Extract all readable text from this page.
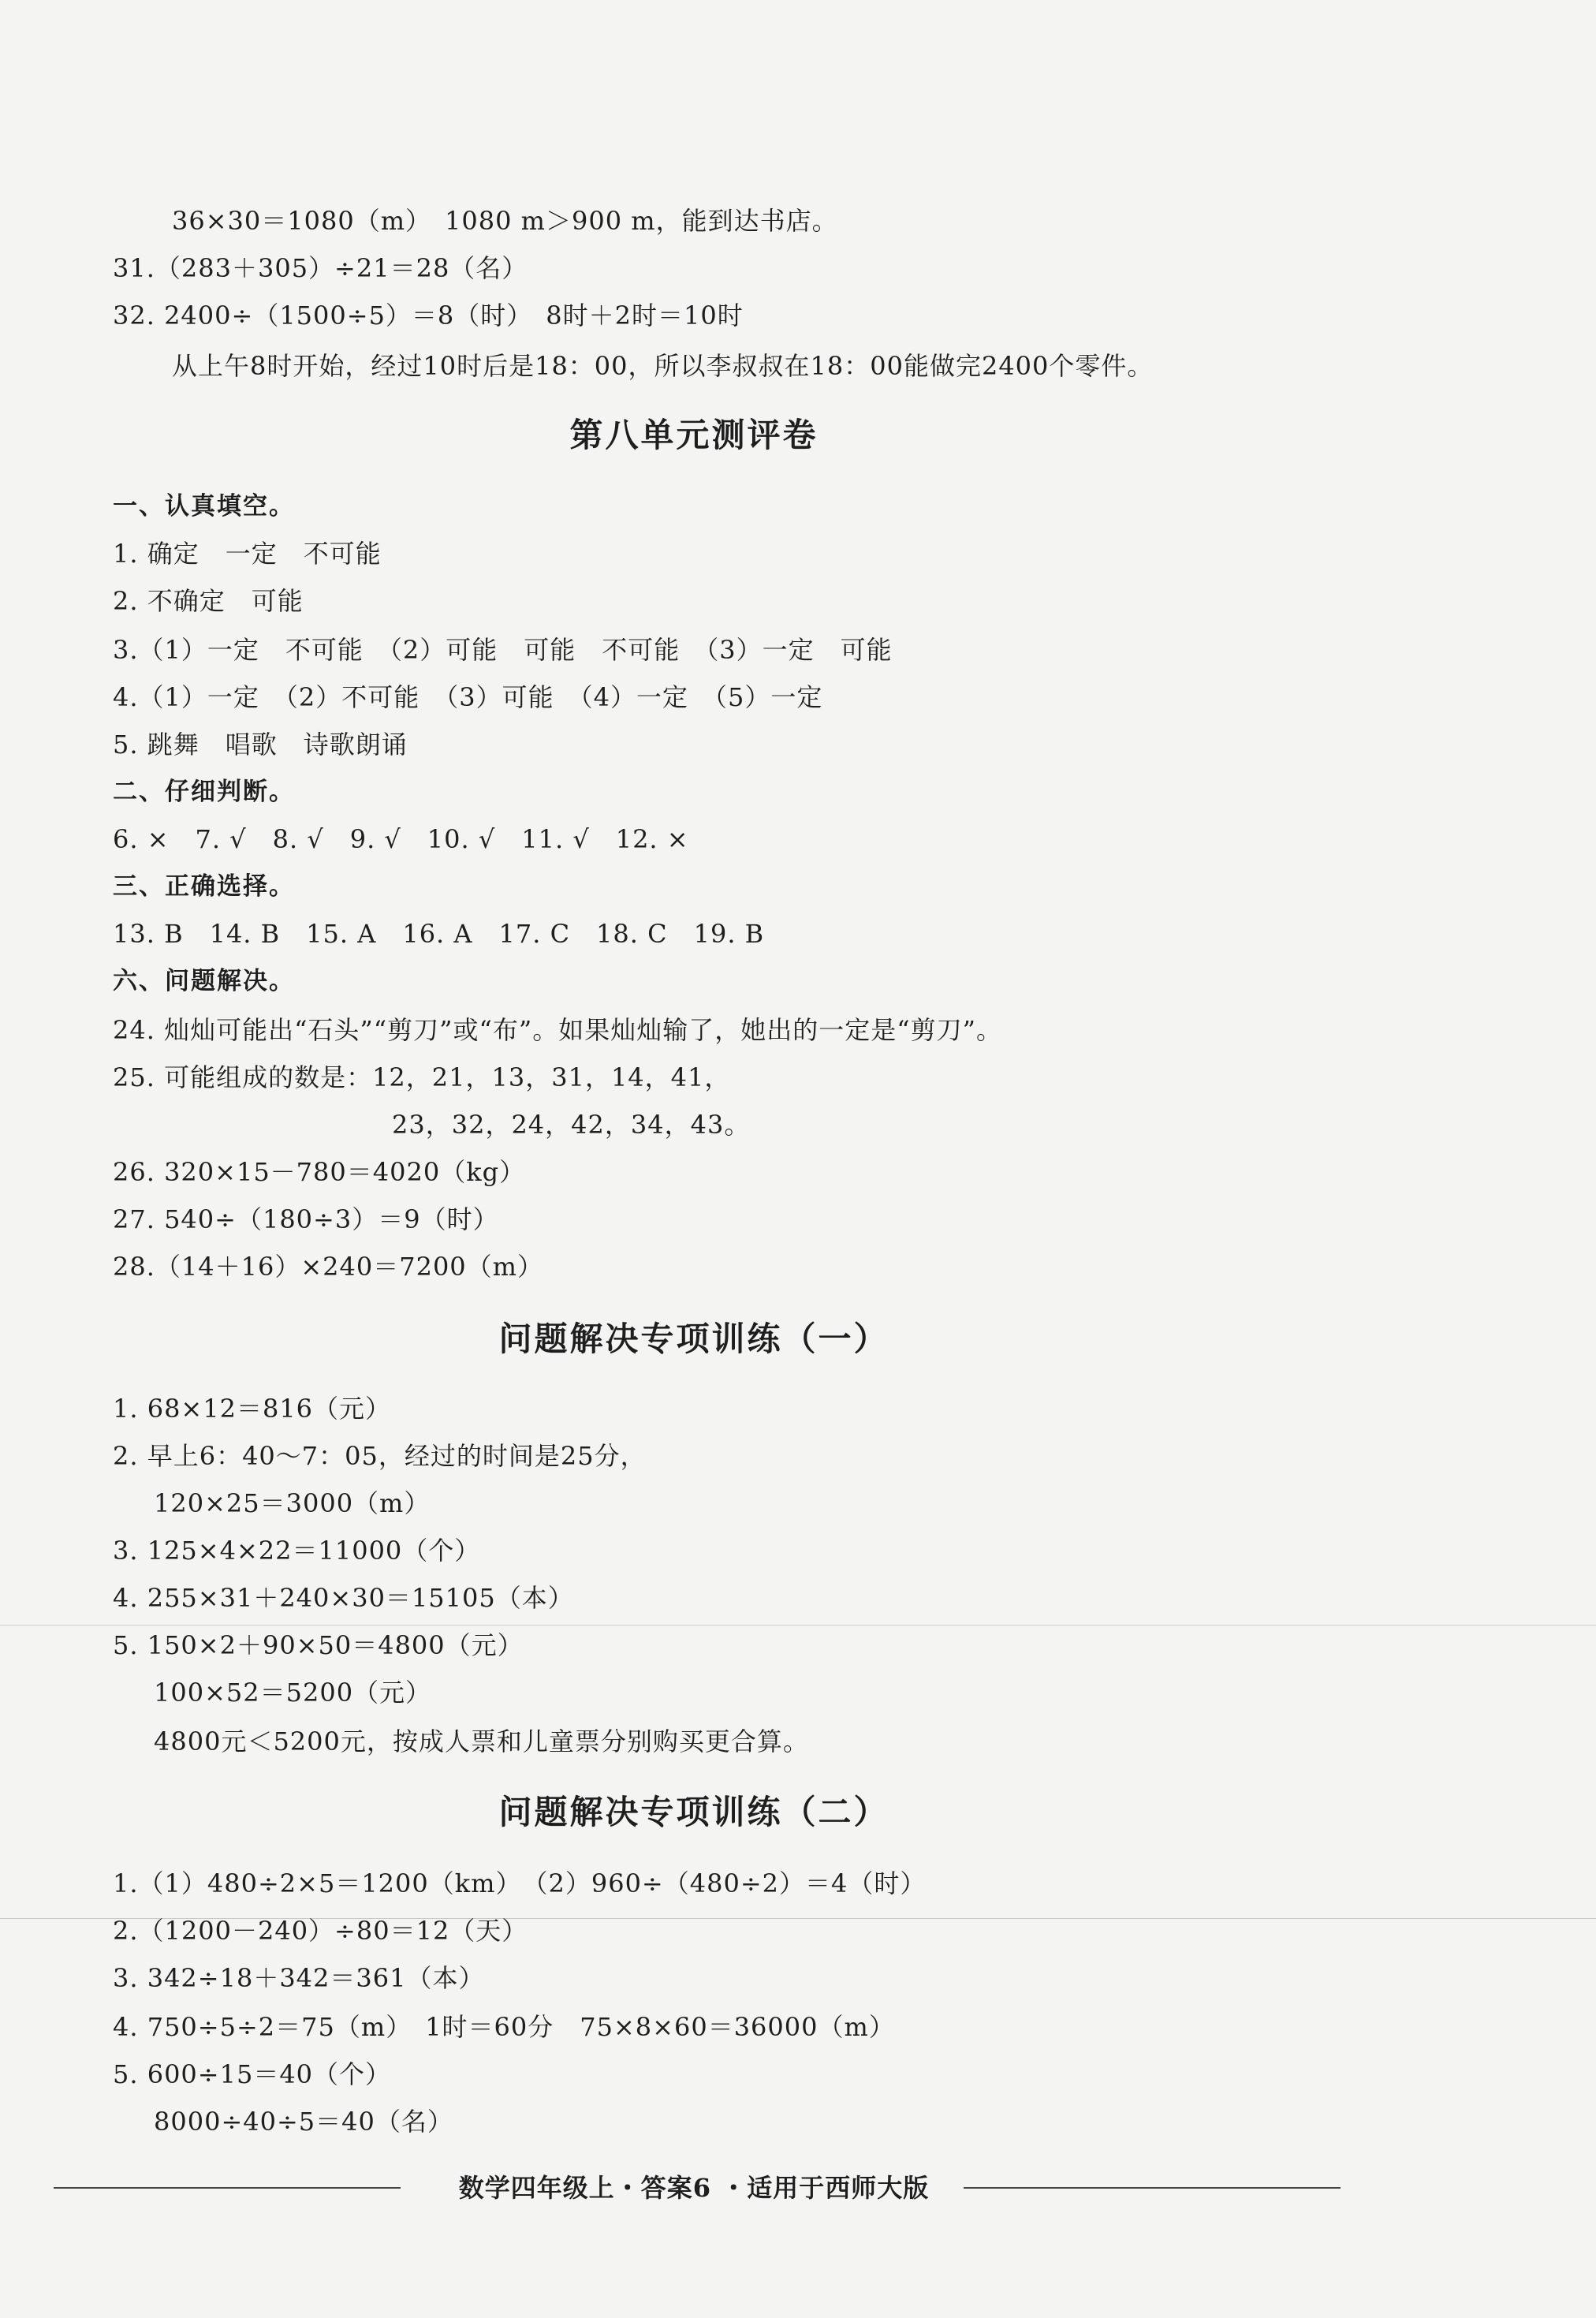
36×30＝1080（m）　1080 m＞900 m，能到达书店。
31.（283＋305）÷21＝28（名）
32. 2400÷（1500÷5）＝8（时）　8时＋2时＝10时
从上午8时开始，经过10时后是18：00，所以李叔叔在18：00能做完2400个零件。
第八单元测评卷
一、认真填空。
1. 确定　一定　不可能
2. 不确定　可能
3.（1）一定　不可能　（2）可能　可能　不可能　（3）一定　可能
4.（1）一定　（2）不可能　（3）可能　（4）一定　（5）一定
5. 跳舞　唱歌　诗歌朗诵
二、仔细判断。
6. ×　7. √　8. √　9. √　10. √　11. √　12. ×
三、正确选择。
13. B　14. B　15. A　16. A　17. C　18. C　19. B
六、问题解决。
24. 灿灿可能出“石头”“剪刀”或“布”。如果灿灿输了，她出的一定是“剪刀”。
25. 可能组成的数是：12，21，13，31，14，41，
23，32，24，42，34，43。
26. 320×15－780＝4020（kg）
27. 540÷（180÷3）＝9（时）
28.（14＋16）×240＝7200（m）
问题解决专项训练（一）
1. 68×12＝816（元）
2. 早上6：40～7：05，经过的时间是25分，
120×25＝3000（m）
3. 125×4×22＝11000（个）
4. 255×31＋240×30＝15105（本）
5. 150×2＋90×50＝4800（元）
100×52＝5200（元）
4800元＜5200元，按成人票和儿童票分别购买更合算。
问题解决专项训练（二）
1.（1）480÷2×5＝1200（km）　（2）960÷（480÷2）＝4（时）
2.（1200－240）÷80＝12（天）
3. 342÷18＋342＝361（本）
4. 750÷5÷2＝75（m）　1时＝60分　75×8×60＝36000（m）
5. 600÷15＝40（个）
8000÷40÷5＝40（名）
数学四年级上・答案6 ・适用于西师大版
